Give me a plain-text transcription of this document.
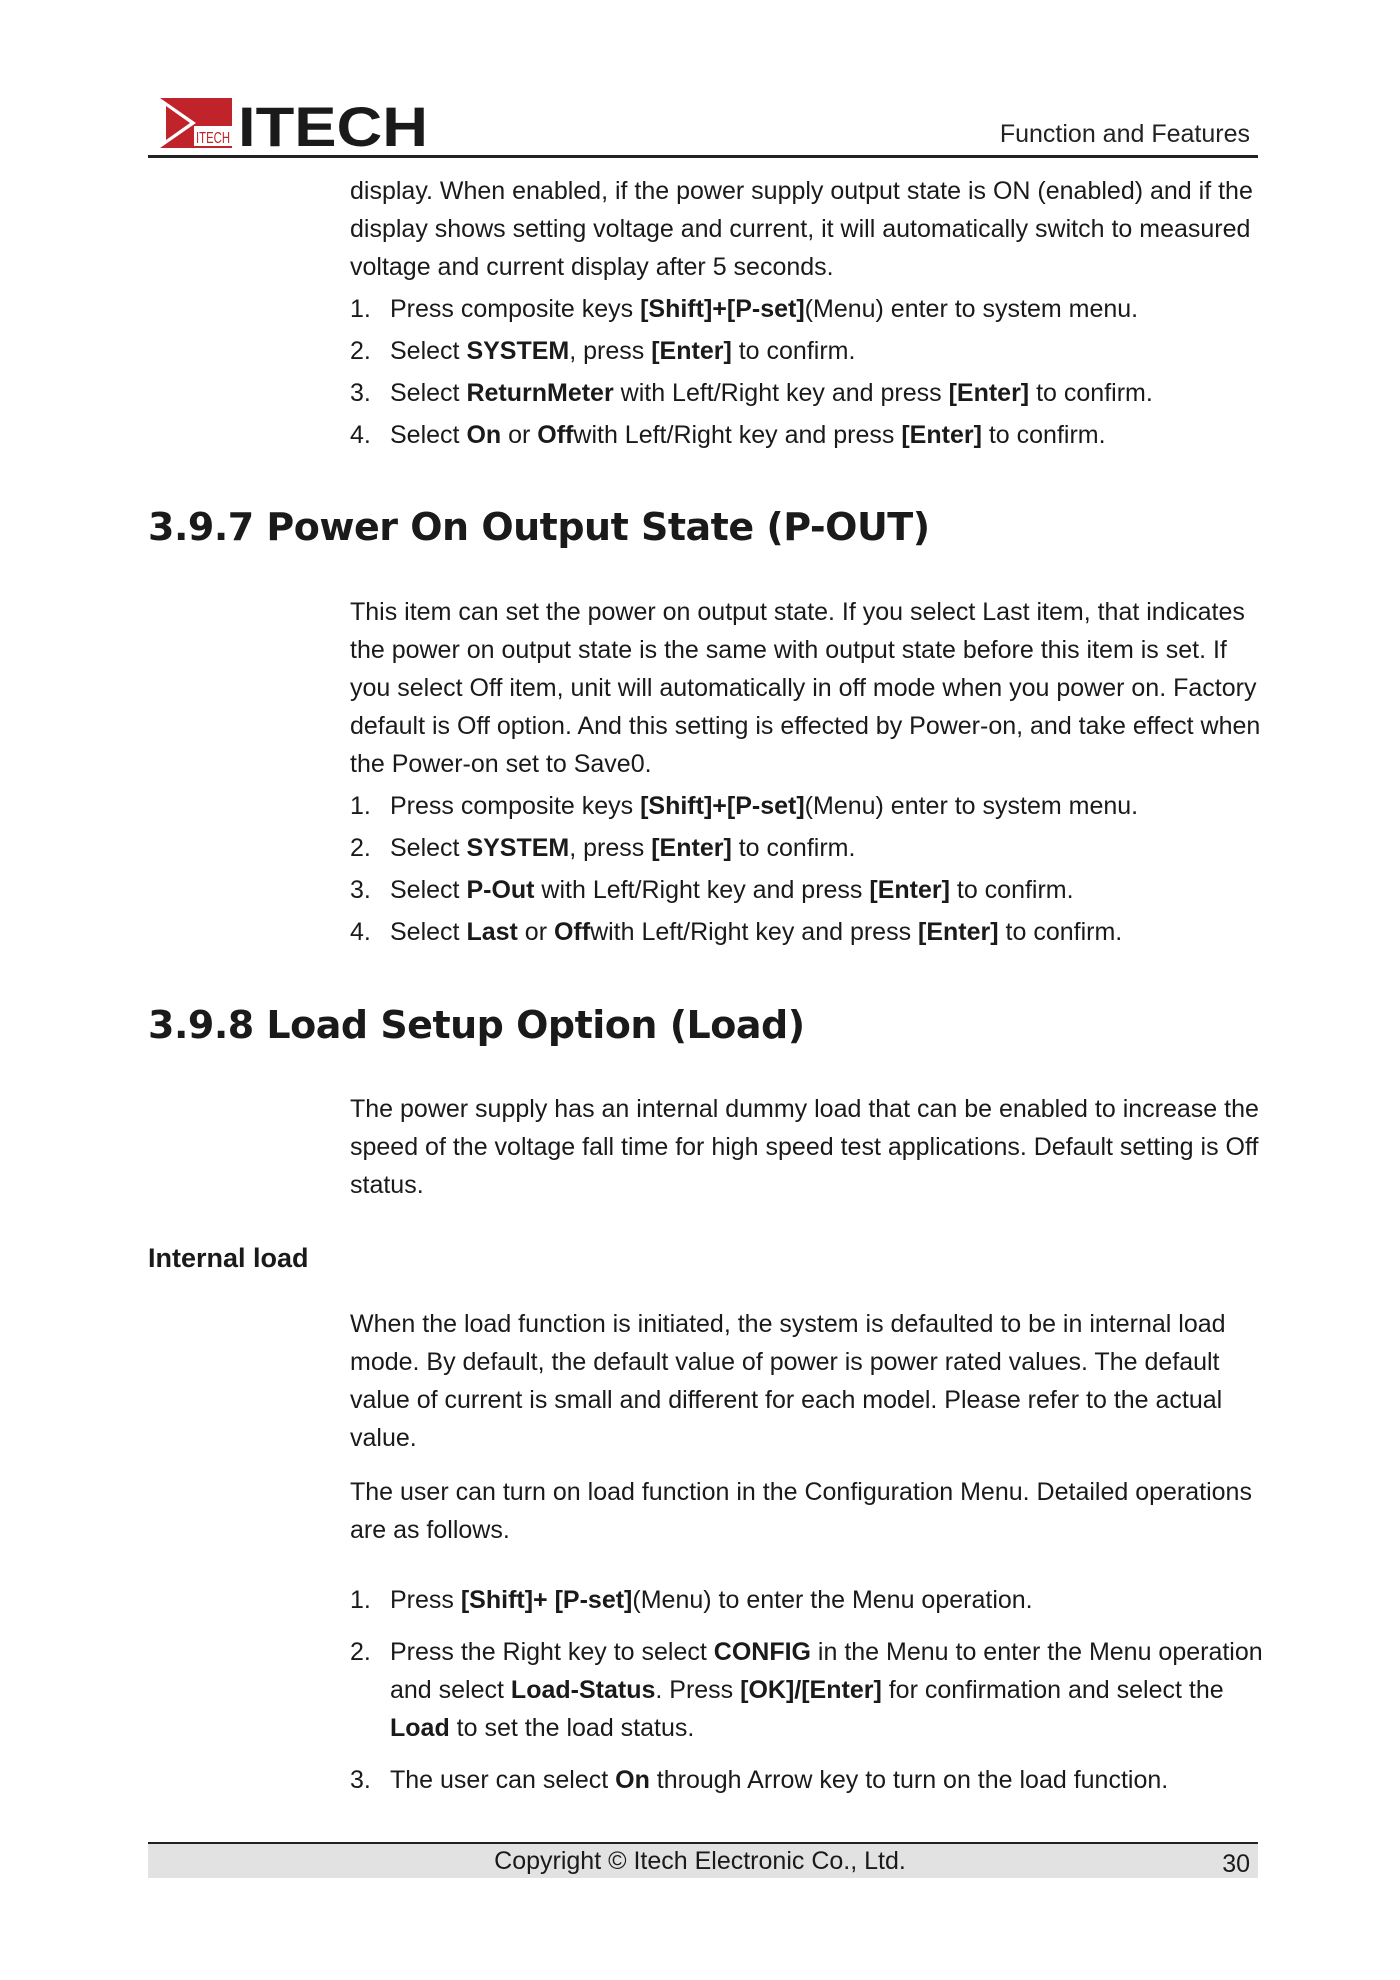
ITECH ITECH	Function and Features

display. When enabled, if the power supply output state is ON (enabled) and if the display shows setting voltage and current, it will automatically switch to measured voltage and current display after 5 seconds.

1. Press composite keys [Shift]+[P-set](Menu) enter to system menu.
2. Select SYSTEM, press [Enter] to confirm.
3. Select ReturnMeter with Left/Right key and press [Enter] to confirm.
4. Select On or Offwith Left/Right key and press [Enter] to confirm.
3.9.7 Power On Output State (P-OUT)

This item can set the power on output state. If you select Last item, that indicates the power on output state is the same with output state before this item is set. If you select Off item, unit will automatically in off mode when you power on. Factory default is Off option. And this setting is effected by Power-on, and take effect when the Power-on set to Save0.

1. Press composite keys [Shift]+[P-set](Menu) enter to system menu.
2. Select SYSTEM, press [Enter] to confirm.
3. Select P-Out with Left/Right key and press [Enter] to confirm.
4. Select Last or Offwith Left/Right key and press [Enter] to confirm.
3.9.8 Load Setup Option (Load)

The power supply has an internal dummy load that can be enabled to increase the speed of the voltage fall time for high speed test applications. Default setting is Off status.

Internal load

When the load function is initiated, the system is defaulted to be in internal load mode. By default, the default value of power is power rated values. The default value of current is small and different for each model. Please refer to the actual value.

The user can turn on load function in the Configuration Menu. Detailed operations are as follows.

1. Press [Shift]+ [P-set](Menu) to enter the Menu operation.
2. Press the Right key to select CONFIG in the Menu to enter the Menu operation and select Load-Status. Press [OK]/[Enter] for confirmation and select the Load to set the load status.
3. The user can select On through Arrow key to turn on the load function.
Copyright © Itech Electronic Co., Ltd.	30
